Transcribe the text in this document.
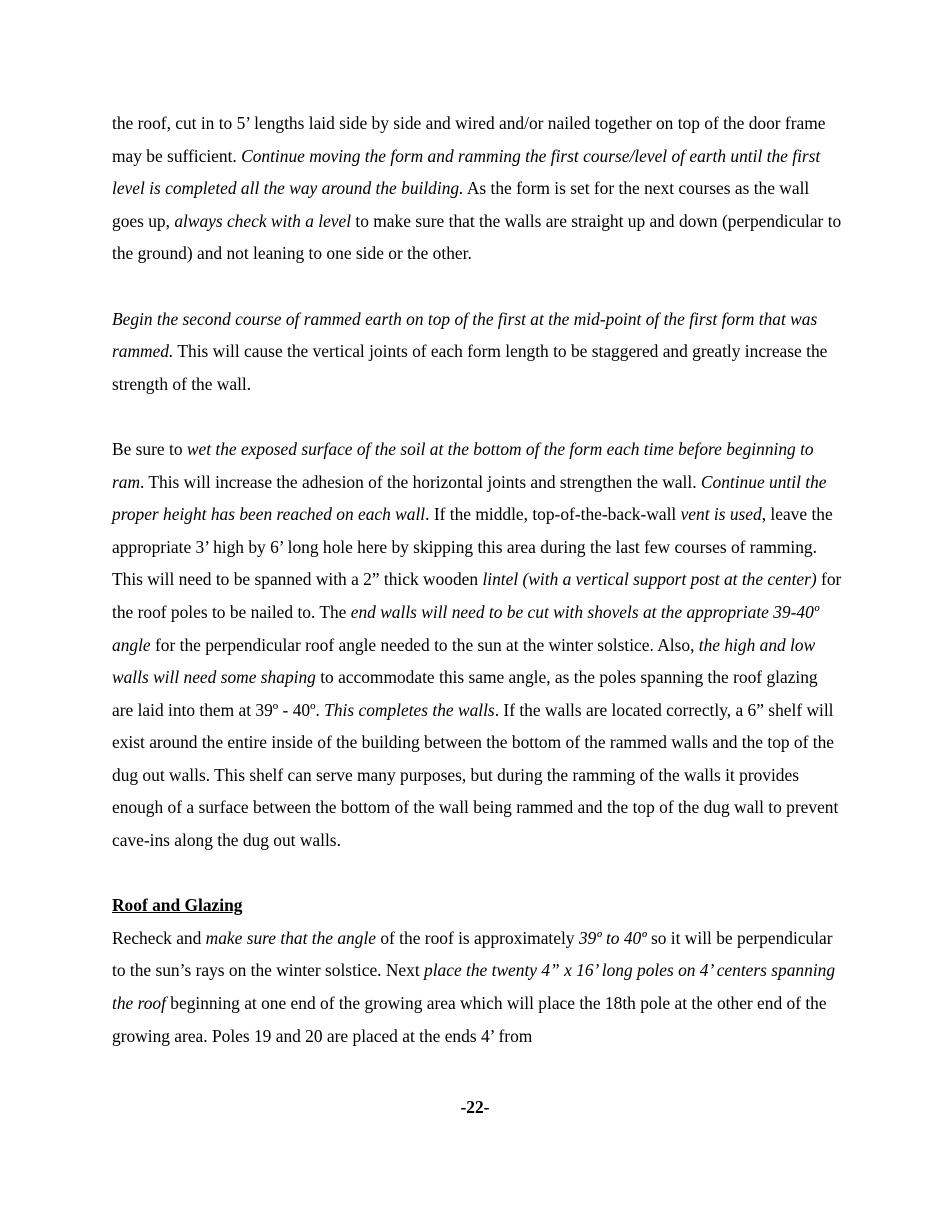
the roof, cut in to 5’ lengths laid side by side and wired and/or nailed together on top of the door frame may be sufficient. Continue moving the form and ramming the first course/level of earth until the first level is completed all the way around the building. As the form is set for the next courses as the wall goes up, always check with a level to make sure that the walls are straight up and down (perpendicular to the ground) and not leaning to one side or the other.

Begin the second course of rammed earth on top of the first at the mid-point of the first form that was rammed. This will cause the vertical joints of each form length to be staggered and greatly increase the strength of the wall.

Be sure to wet the exposed surface of the soil at the bottom of the form each time before beginning to ram. This will increase the adhesion of the horizontal joints and strengthen the wall. Continue until the proper height has been reached on each wall. If the middle, top-of-the-back-wall vent is used, leave the appropriate 3’ high by 6’ long hole here by skipping this area during the last few courses of ramming. This will need to be spanned with a 2” thick wooden lintel (with a vertical support post at the center) for the roof poles to be nailed to. The end walls will need to be cut with shovels at the appropriate 39-40º angle for the perpendicular roof angle needed to the sun at the winter solstice. Also, the high and low walls will need some shaping to accommodate this same angle, as the poles spanning the roof glazing are laid into them at 39º - 40º. This completes the walls. If the walls are located correctly, a 6” shelf will exist around the entire inside of the building between the bottom of the rammed walls and the top of the dug out walls. This shelf can serve many purposes, but during the ramming of the walls it provides enough of a surface between the bottom of the wall being rammed and the top of the dug wall to prevent cave-ins along the dug out walls.

Roof and Glazing

Recheck and make sure that the angle of the roof is approximately 39º to 40º so it will be perpendicular to the sun’s rays on the winter solstice. Next place the twenty 4” x 16’ long poles on 4’ centers spanning the roof beginning at one end of the growing area which will place the 18th pole at the other end of the growing area. Poles 19 and 20 are placed at the ends 4’ from

-22-
